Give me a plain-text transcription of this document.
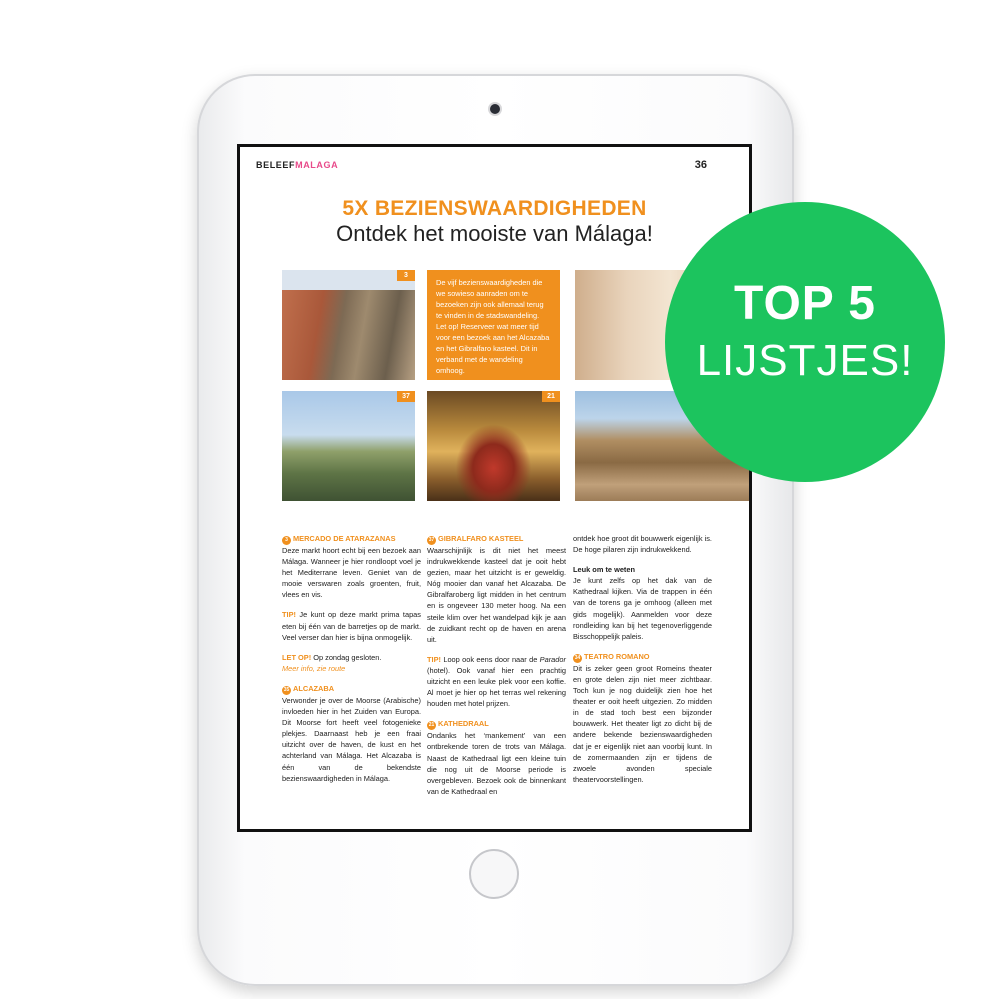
BELEEFMALAGA	36
5X BEZIENSWAARDIGHEDEN
Ontdek het mooiste van Málaga!
3
De vijf bezienswaardigheden die we sowieso aanraden om te bezoeken zijn ook allemaal terug te vinden in de stadswandeling. Let op! Reserveer wat meer tijd voor een bezoek aan het Alcazaba en het Gibralfaro kasteel. Dit in verband met de wandeling omhoog.
37	21

3 MERCADO DE ATARAZANAS
Deze markt hoort echt bij een bezoek aan Málaga. Wanneer je hier rondloopt voel je het Mediterrane leven. Geniet van de mooie verswaren zoals groenten, fruit, vlees en vis.

TIP! Je kunt op deze markt prima tapas eten bij één van de barretjes op de markt. Veel verser dan hier is bijna onmogelijk.

LET OP! Op zondag gesloten.
Meer info, zie route

35 ALCAZABA
Verwonder je over de Moorse (Arabische) invloeden hier in het Zuiden van Europa. Dit Moorse fort heeft veel fotogenieke plekjes. Daarnaast heb je een fraai uitzicht over de haven, de kust en het achterland van Málaga. Het Alcazaba is één van de bekendste bezienswaardigheden in Málaga.

37 GIBRALFARO KASTEEL
Waarschijnlijk is dit niet het meest indrukwekkende kasteel dat je ooit hebt gezien, maar het uitzicht is er geweldig. Nóg mooier dan vanaf het Alcazaba. De Gibralfaroberg ligt midden in het centrum en is ongeveer 130 meter hoog. Na een steile klim over het wandelpad kijk je aan de zuidkant recht op de haven en arena uit.

TIP! Loop ook eens door naar de Parador (hotel). Ook vanaf hier een prachtig uitzicht en een leuke plek voor een koffie. Al moet je hier op het terras wel rekening houden met hotel prijzen.

21 KATHEDRAAL
Ondanks het ‘mankement’ van een ontbrekende toren de trots van Málaga. Naast de Kathedraal ligt een kleine tuin die nog uit de Moorse periode is overgebleven. Bezoek ook de binnenkant van de Kathedraal en

ontdek hoe groot dit bouwwerk eigenlijk is. De hoge pilaren zijn indrukwekkend.

Leuk om te weten
Je kunt zelfs op het dak van de Kathedraal kijken. Via de trappen in één van de torens ga je omhoog (alleen met gids mogelijk). Aanmelden voor deze rondleiding kan bij het tegenoverliggende Bisschoppelijk paleis.

34 TEATRO ROMANO
Dit is zeker geen groot Romeins theater en grote delen zijn niet meer zichtbaar. Toch kun je nog duidelijk zien hoe het theater er ooit heeft uitgezien. Zo midden in de stad toch best een bijzonder bouwwerk. Het theater ligt zo dicht bij de andere bekende bezienswaardigheden dat je er eigenlijk niet aan voorbij kunt. In de zomermaanden zijn er tijdens de zwoele avonden speciale theatervoorstellingen.

TOP 5
LIJSTJES!
